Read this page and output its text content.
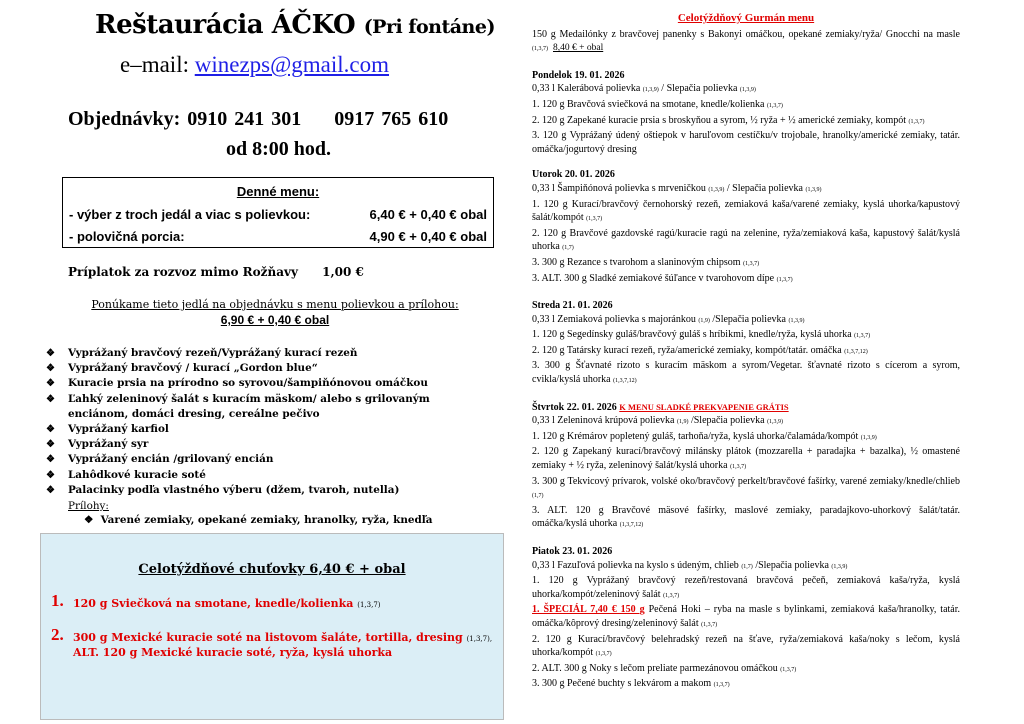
Reštaurácia ÁČKO (Pri fontáne)
e–mail: winezps@gmail.com
Objednávky: 0910 241 301 0917 765 610
od 8:00 hod.
Denné menu:
- výber z troch jedál a viac s polievkou:	6,40 € + 0,40 € obal
- polovičná porcia:	4,90 € + 0,40 € obal
Príplatok za rozvoz mimo Rožňavy 1,00 €
Ponúkame tieto jedlá na objednávku s menu polievkou a prílohou:
6,90 € + 0,40 € obal
❖ Vyprážaný bravčový rezeň/Vyprážaný kurací rezeň
❖ Vyprážaný bravčový / kurací „Gordon blue“
❖ Kuracie prsia na prírodno so syrovou/šampiňónovou omáčkou
❖ Ľahký zeleninový šalát s kuracím mäskom/ alebo s grilovaným enciánom, domáci dresing, cereálne pečivo
❖ Vyprážaný karfiol
❖ Vyprážaný syr
❖ Vyprážaný encián /grilovaný encián
❖ Lahôdkové kuracie soté
❖ Palacinky podľa vlastného výberu (džem, tvaroh, nutella)
Prílohy:
❖  Varené zemiaky, opekané zemiaky, hranolky, ryža, knedľa
Celotýždňové chuťovky 6,40 € + obal
1. 120 g Sviečková na smotane, knedle/kolienka (1,3,7)
2. 300 g Mexické kuracie soté na listovom šaláte, tortilla, dresing (1,3,7),
ALT. 120 g Mexické kuracie soté, ryža, kyslá uhorka
Celotýždňový Gurmán menu
150 g Medailónky z bravčovej panenky s Bakonyi omáčkou, opekané zemiaky/ryža/ Gnocchi na masle (1,3,7) 8,40 € + obal
Pondelok 19. 01. 2026
0,33 l Kalerábová polievka (1,3,9) / Slepačia polievka (1,3,9)
1. 120 g Bravčová sviečková na smotane, knedle/kolienka (1,3,7)
2. 120 g Zapekané kuracie prsia s broskyňou a syrom, ½ ryža + ½ americké zemiaky, kompót (1,3,7)
3. 120 g Vyprážaný údený oštiepok v haruľovom cestíčku/v trojobale, hranolky/americké zemiaky, tatár. omáčka/jogurtový dresing
Utorok 20. 01. 2026
0,33 l Šampiňónová polievka s mrveničkou (1,3,9) / Slepačia polievka (1,3,9)
1. 120 g Kurací/bravčový černohorský rezeň, zemiaková kaša/varené zemiaky, kyslá uhorka/kapustový šalát/kompót (1,3,7)
2. 120 g Bravčové gazdovské ragú/kuracie ragú na zelenine, ryža/zemiaková kaša, kapustový šalát/kyslá uhorka (1,7)
3. 300 g Rezance s tvarohom a slaninovým chipsom (1,3,7)
3. ALT. 300 g Sladké zemiakové šúľance v tvarohovom dípe (1,3,7)
Streda 21. 01. 2026
0,33 l Zemiaková polievka s majoránkou (1,9) /Slepačia polievka (1,3,9)
1. 120 g Segedínsky guláš/bravčový guláš s hríbikmi, knedle/ryža, kyslá uhorka (1,3,7)
2. 120 g Tatársky kurací rezeň, ryža/americké zemiaky, kompót/tatár. omáčka (1,3,7,12)
3. 300 g Šťavnaté rizoto s kuracím mäskom a syrom/Vegetar. šťavnaté rizoto s cícerom a syrom, cvikla/kyslá uhorka (1,3,7,12)
Štvrtok 22. 01. 2026 K MENU SLADKÉ PREKVAPENIE GRÁTIS
0,33 l Zeleninová krúpová polievka (1,9) /Slepačia polievka (1,3,9)
1. 120 g Krémárov popletený guláš, tarhoňa/ryža, kyslá uhorka/čalamáda/kompót (1,3,9)
2. 120 g Zapekaný kurací/bravčový milánsky plátok (mozzarella + paradajka + bazalka), ½ omastené zemiaky + ½ ryža, zeleninový šalát/kyslá uhorka (1,3,7)
3. 300 g Tekvicový prívarok, volské oko/bravčový perkelt/bravčové fašírky, varené zemiaky/knedle/chlieb (1,7)
3. ALT. 120 g Bravčové mäsové fašírky, maslové zemiaky, paradajkovo-uhorkový šalát/tatár. omáčka/kyslá uhorka (1,3,7,12)
Piatok 23. 01. 2026
0,33 l Fazuľová polievka na kyslo s údeným, chlieb (1,7) /Slepačia polievka (1,3,9)
1. 120 g Vyprážaný bravčový rezeň/restovaná bravčová pečeň, zemiaková kaša/ryža, kyslá uhorka/kompót/zeleninový šalát (1,3,7)
1. ŠPECIÁL 7,40 € 150 g Pečená Hoki – ryba na masle s bylinkami, zemiaková kaša/hranolky, tatár. omáčka/kôprový dresing/zeleninový šalát (1,3,7)
2. 120 g Kurací/bravčový belehradský rezeň na šťave, ryža/zemiaková kaša/noky s lečom, kyslá uhorka/kompót (1,3,7)
2. ALT. 300 g Noky s lečom preliate parmezánovou omáčkou (1,3,7)
3. 300 g Pečené buchty s lekvárom a makom (1,3,7)
